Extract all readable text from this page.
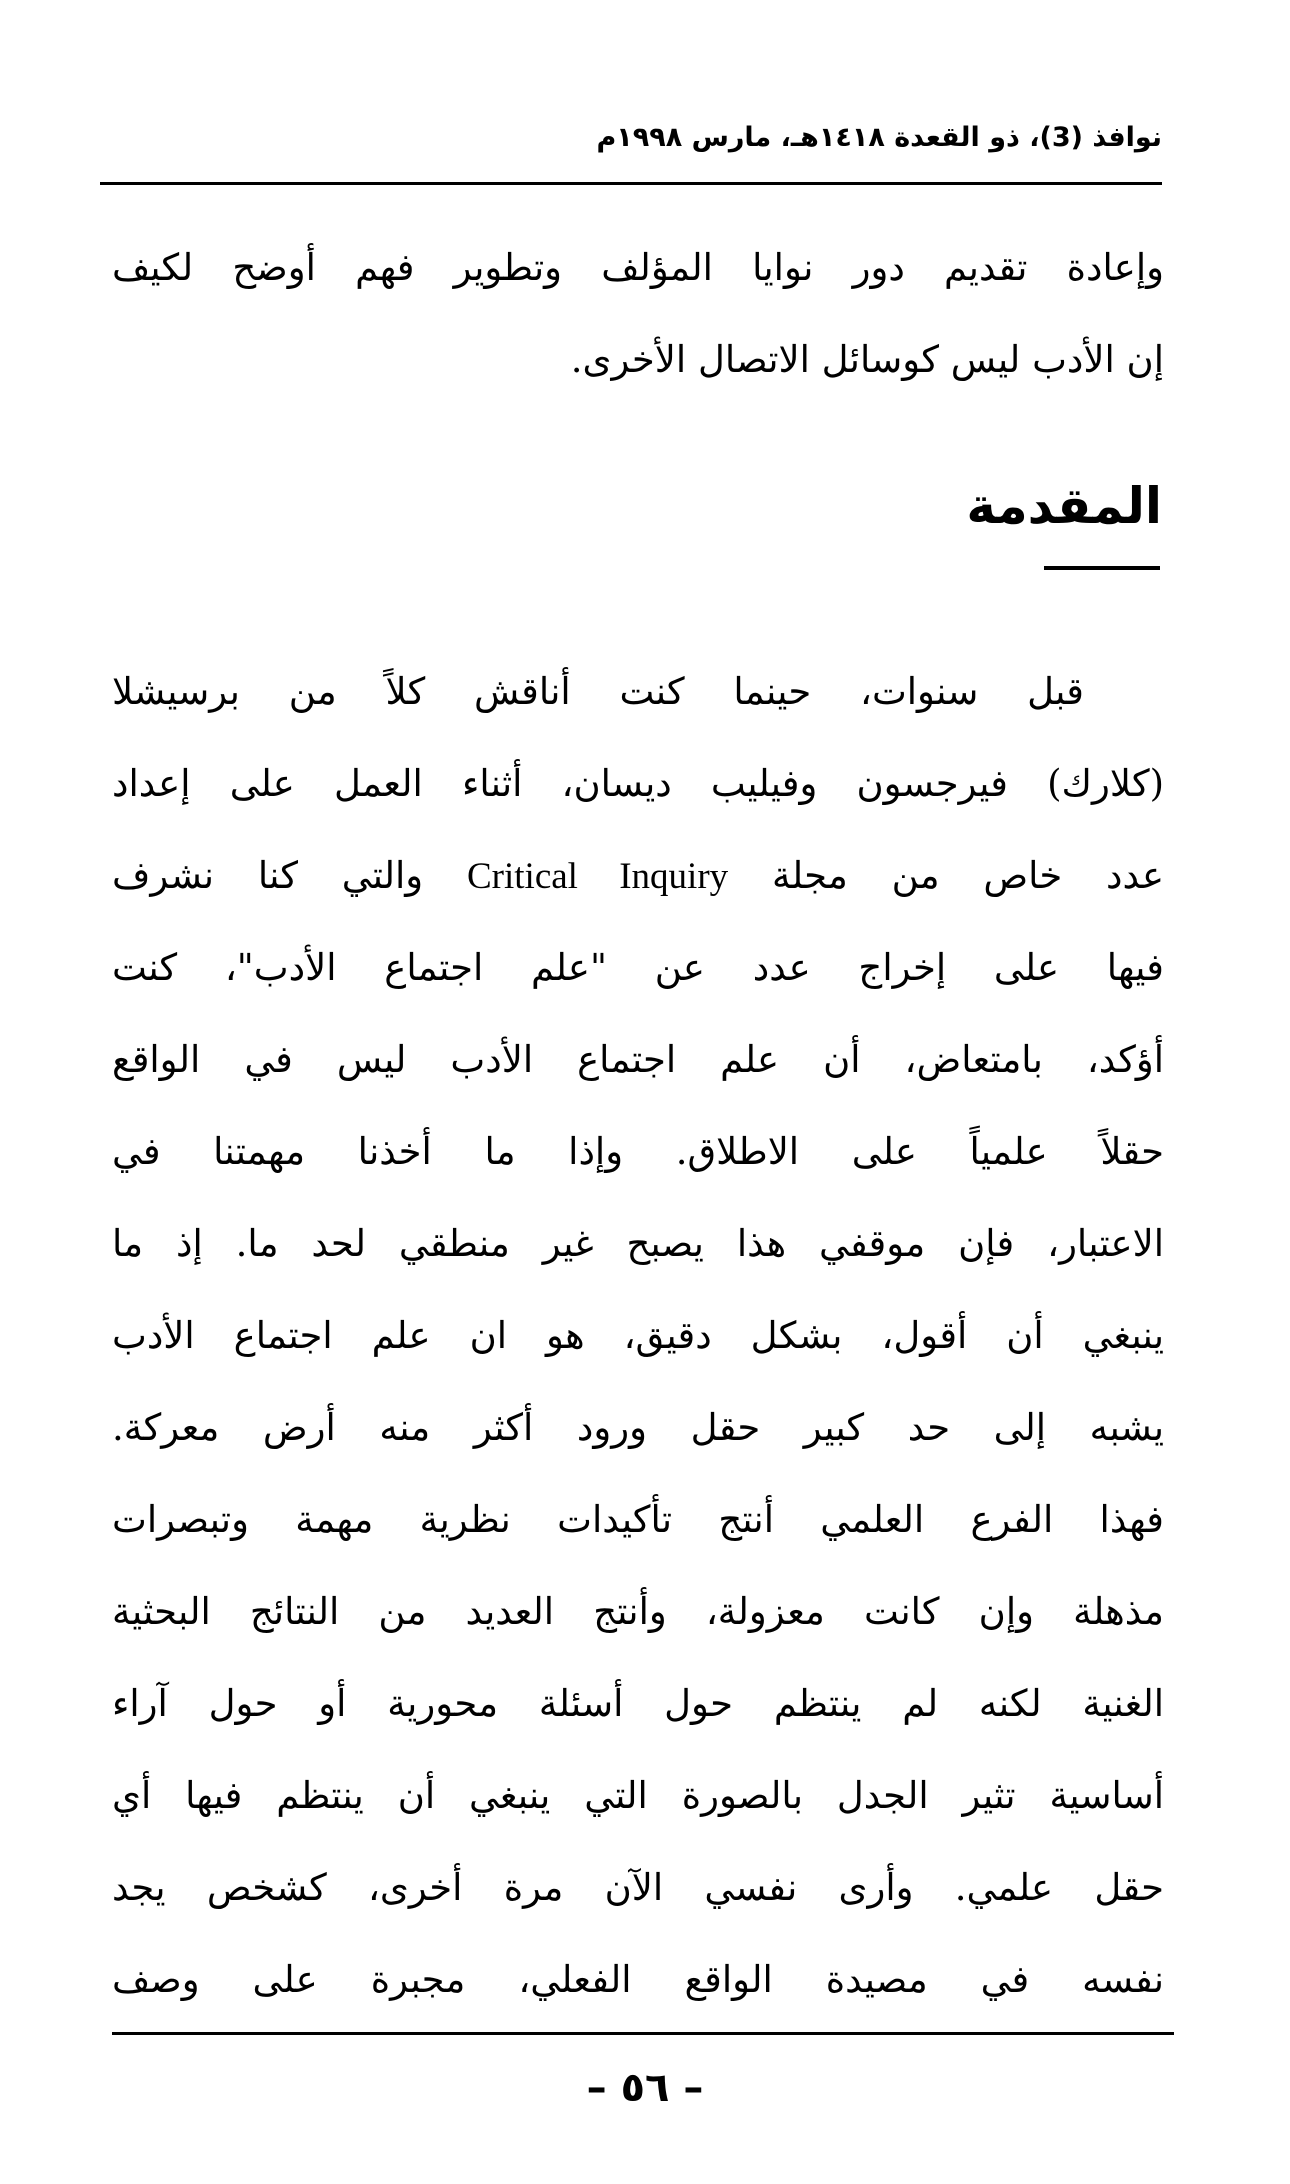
نوافذ (3)، ذو القعدة ١٤١٨هـ، مارس ١٩٩٨م
وإعادة تقديم دور نوايا المؤلف وتطوير فهم أوضح لكيف
إن الأدب ليس كوسائل الاتصال الأخرى.
المقدمة
قبل سنوات، حينما كنت أناقش كلاً من برسيشلا
(كلارك) فيرجسون وفيليب ديسان، أثناء العمل على إعداد
عدد خاص من مجلة Critical Inquiry والتي كنا نشرف
فيها على إخراج عدد عن "علم اجتماع الأدب"، كنت
أؤكد، بامتعاض، أن علم اجتماع الأدب ليس في الواقع
حقلاً علمياً على الاطلاق. وإذا ما أخذنا مهمتنا في
الاعتبار، فإن موقفي هذا يصبح غير منطقي لحد ما. إذ ما
ينبغي أن أقول، بشكل دقيق، هو ان علم اجتماع الأدب
يشبه إلى حد كبير حقل ورود أكثر منه أرض معركة.
فهذا الفرع العلمي أنتج تأكيدات نظرية مهمة وتبصرات
مذهلة وإن كانت معزولة، وأنتج العديد من النتائج البحثية
الغنية لكنه لم ينتظم حول أسئلة محورية أو حول آراء
أساسية تثير الجدل بالصورة التي ينبغي أن ينتظم فيها أي
حقل علمي. وأرى نفسي الآن مرة أخرى، كشخص يجد
نفسه في مصيدة الواقع الفعلي، مجبرة على وصف
– ٥٦ –
